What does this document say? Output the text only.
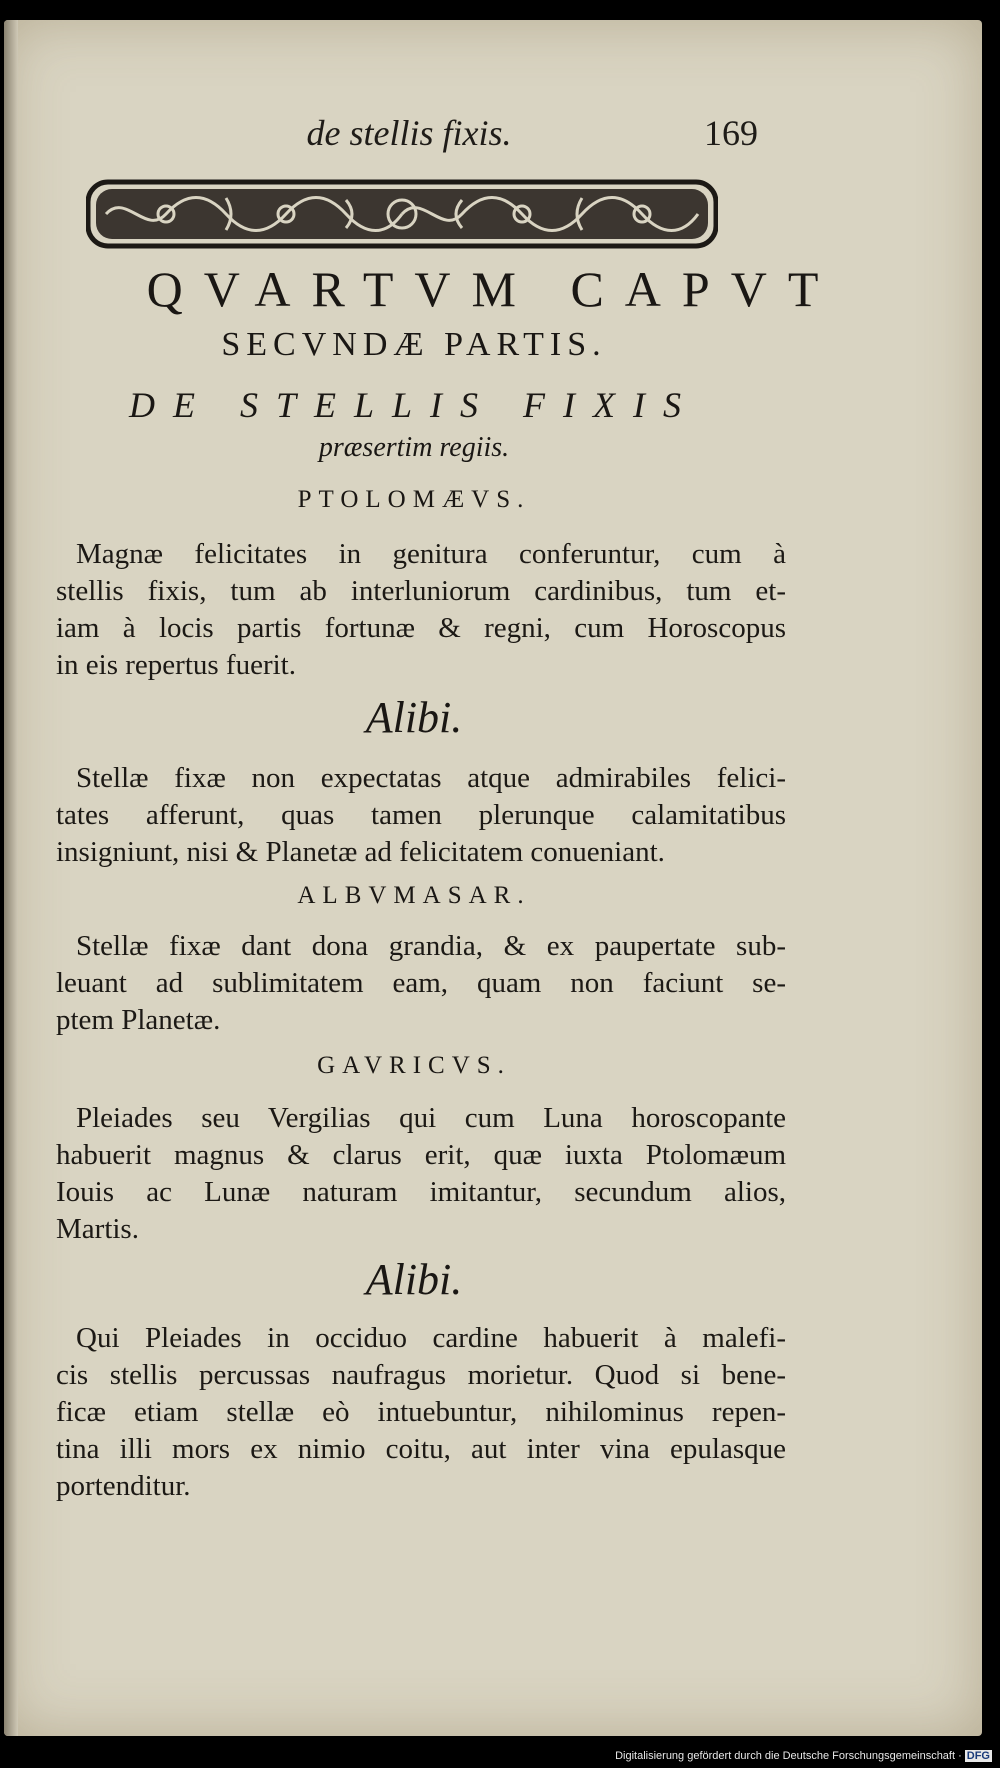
de stellis fixis.	169
QVARTVM CAPVT
SECVNDÆ PARTIS.
DE STELLIS FIXIS
præsertim regiis.
PTOLOMÆVS.
Magnæ felicitates in genitura conferuntur, cum à
stellis fixis, tum ab interluniorum cardinibus, tum et-
iam à locis partis fortunæ & regni, cum Horoscopus
in eis repertus fuerit.
Alibi.
Stellæ fixæ non expectatas atque admirabiles felici-
tates afferunt, quas tamen plerunque calamitatibus
insigniunt, nisi & Planetæ ad felicitatem conueniant.
ALBVMASAR.
Stellæ fixæ dant dona grandia, & ex paupertate sub-
leuant ad sublimitatem eam, quam non faciunt se-
ptem Planetæ.
GAVRICVS.
Pleiades seu Vergilias qui cum Luna horoscopante
habuerit magnus & clarus erit, quæ iuxta Ptolomæum
Iouis ac Lunæ naturam imitantur, secundum alios,
Martis.
Alibi.
Qui Pleiades in occiduo cardine habuerit à malefi-
cis stellis percussas naufragus morietur. Quod si bene-
ficæ etiam stellæ eò intuebuntur, nihilominus repen-
tina illi mors ex nimio coitu, aut inter vina epulasque
portenditur.
Digitalisierung gefördert durch die Deutsche Forschungsgemeinschaft · DFG
